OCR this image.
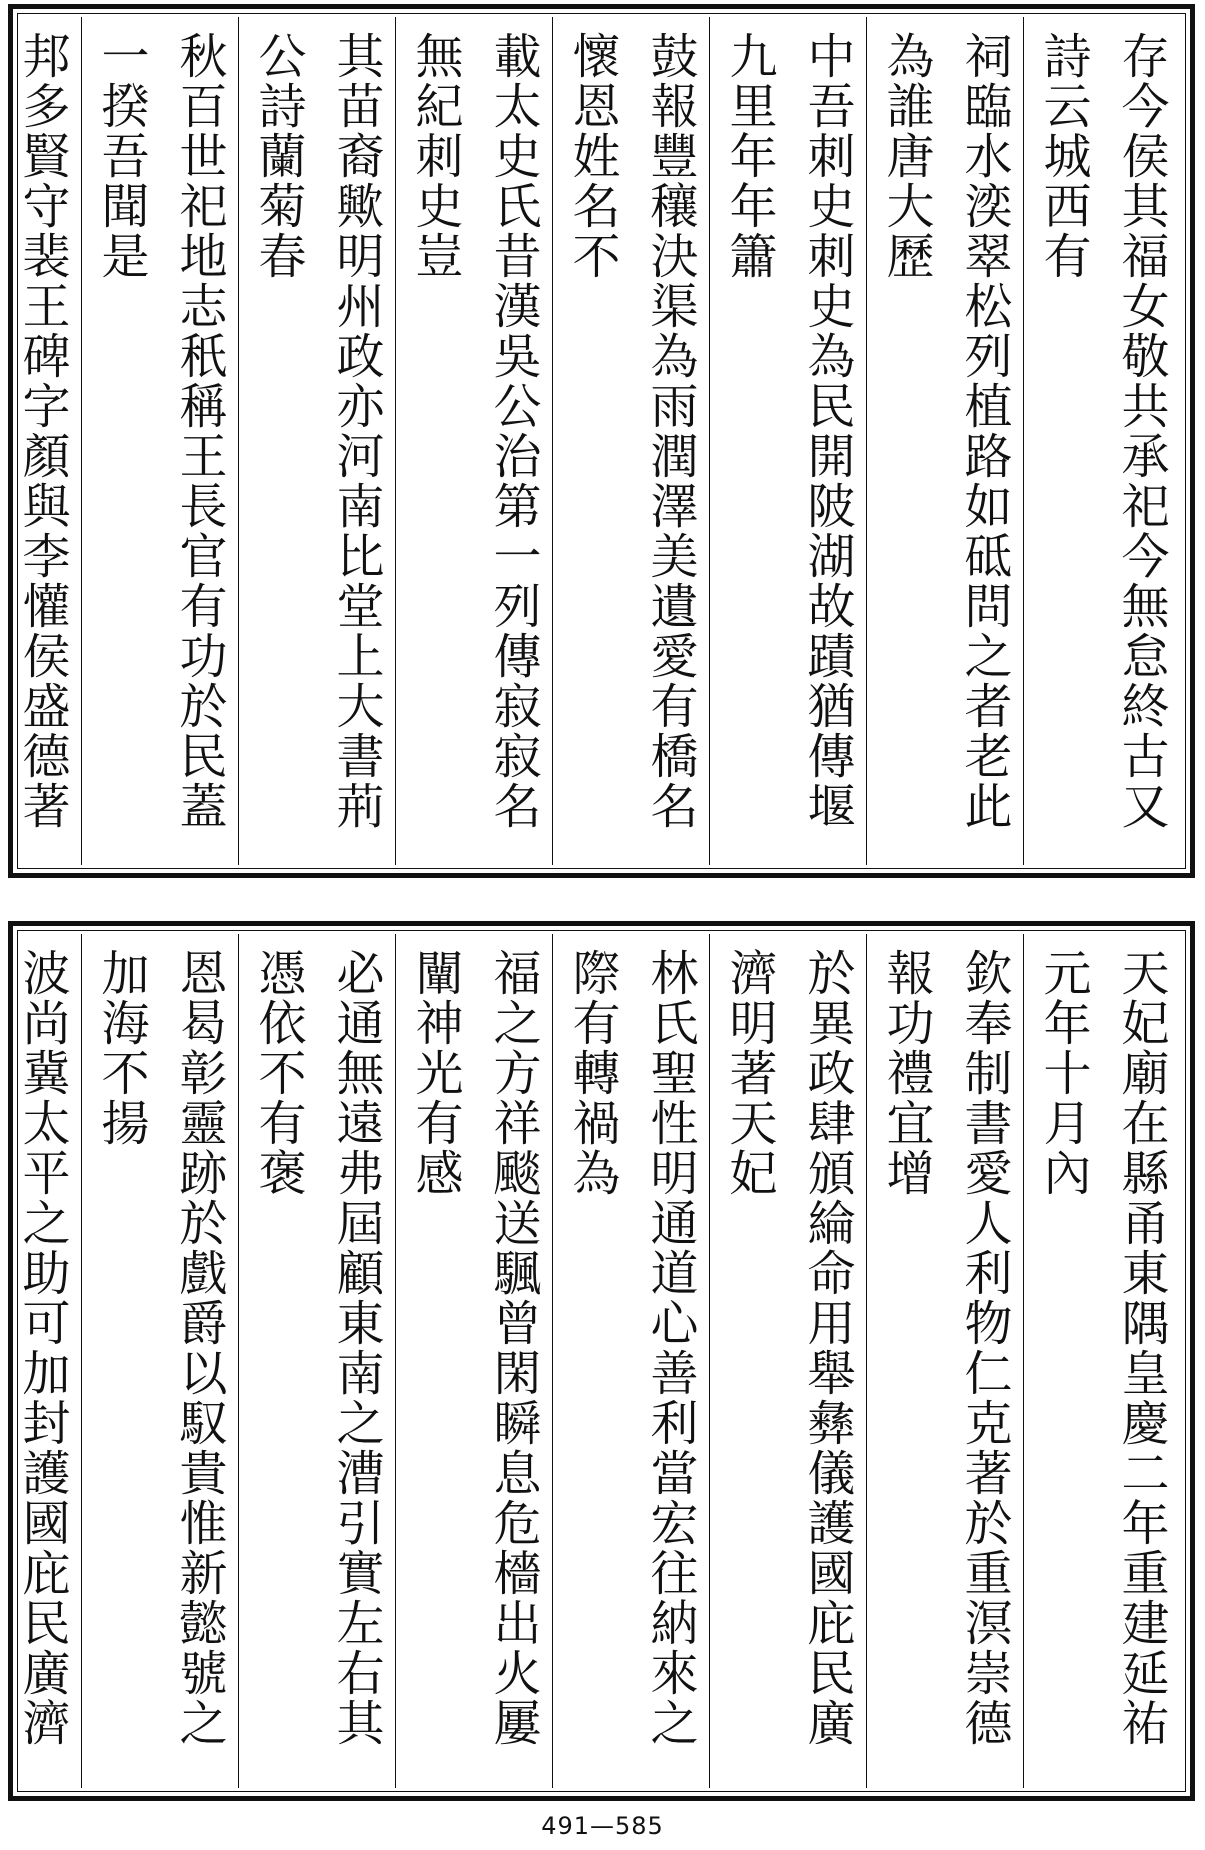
存今侯其福女敬共承祀今無怠終古又詩云城西有
祠臨水湙翠松列植路如砥問之者老此為誰唐大歷
中吾刺史刺史為民開陂湖故蹟猶傳堰九里年年簫
鼓報豐穰決渠為雨潤澤美遺愛有橋名懷恩姓名不
載太史氏昔漢吳公治第一列傳寂寂名無紀刺史豈
其苗裔歟明州政亦河南比堂上大書荊公詩蘭菊春
秋百世祀地志秖稱王長官有功於民蓋一揆吾聞是
邦多賢守裴王碑字顏與李懽侯盛德著
天妃廟在縣甬東隅皇慶二年重建延祐元年十月內
欽奉制書愛人利物仁克著於重溟崇德報功禮宜增
於異政肆頒綸命用舉彝儀護國庇民廣濟明著天妃
林氏聖性明通道心善利當宏往納來之際有轉禍為
福之方祥颷送颿曾閑瞬息危檣出火屢闡神光有感
必通無遠弗屆顧東南之漕引實左右其憑依不有褒
恩曷彰靈跡於戲爵以馭貴惟新懿號之加海不揚
波尚冀太平之助可加封護國庇民廣濟
491—585
